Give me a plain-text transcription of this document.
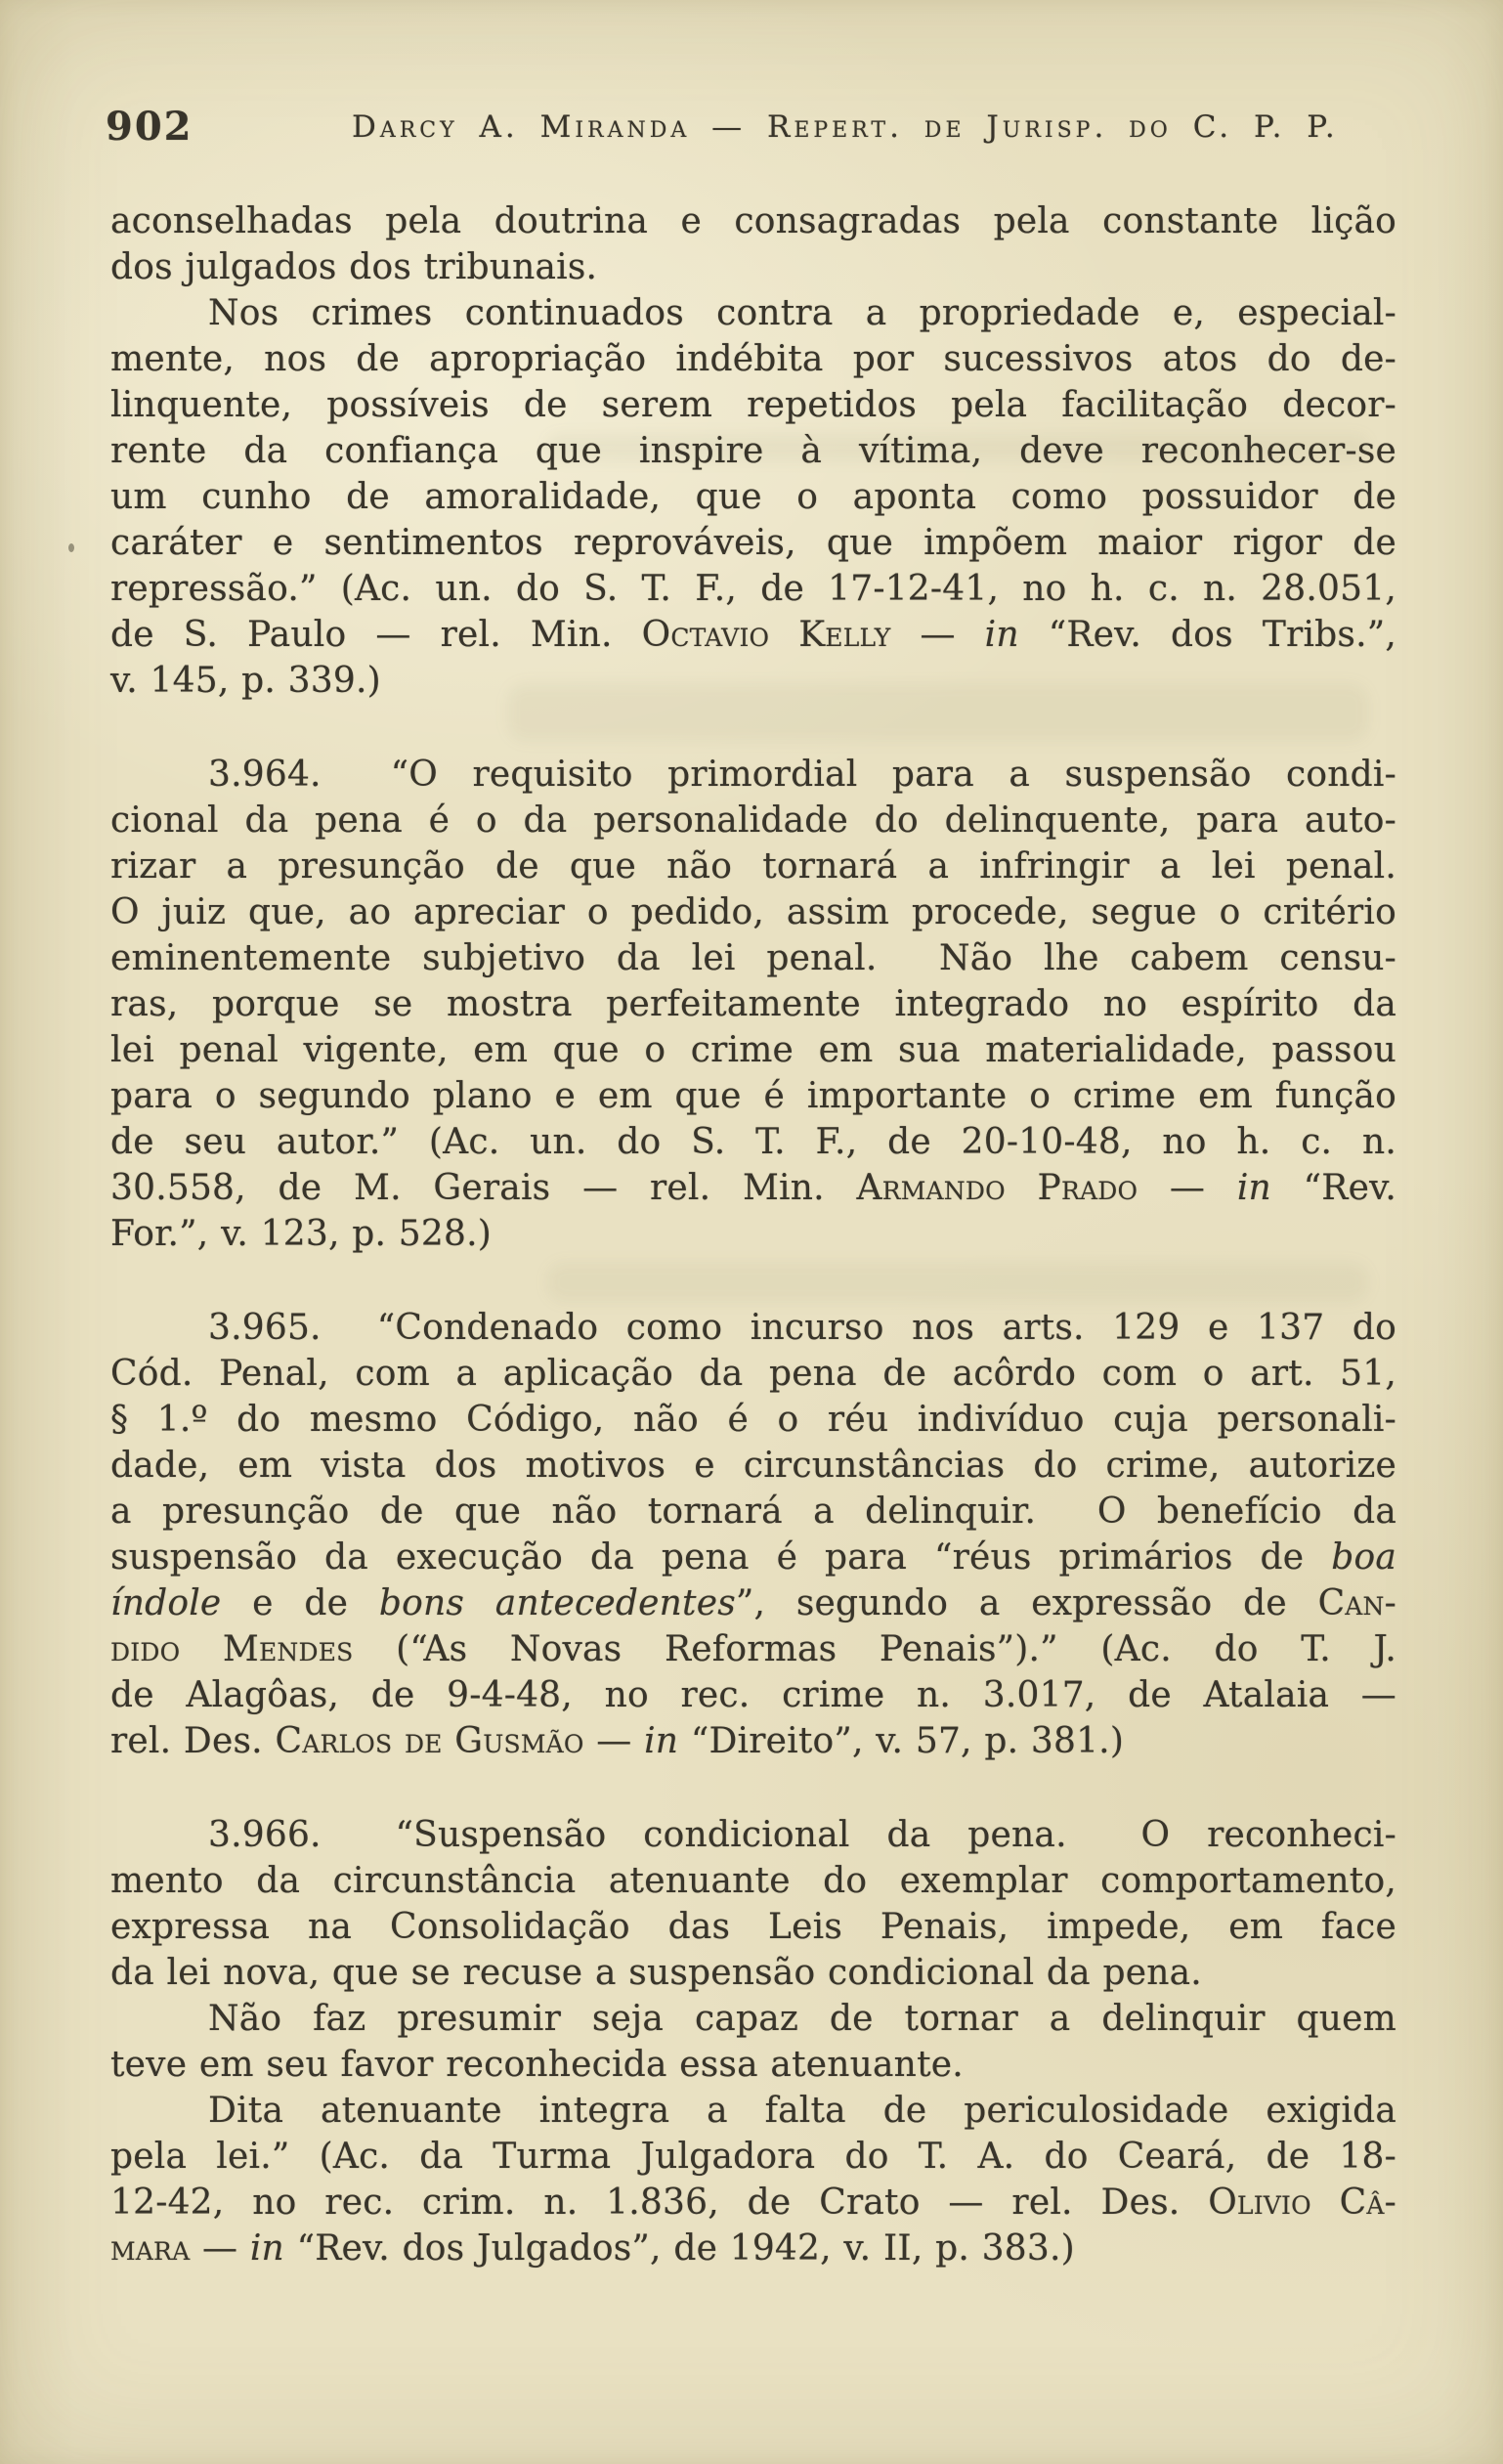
902	Darcy A. Miranda — Repert. de Jurisp. do C. P. P.
aconselhadas pela doutrina e consagradas pela constante lição
dos julgados dos tribunais.
Nos crimes continuados contra a propriedade e, especial-
mente, nos de apropriação indébita por sucessivos atos do de-
linquente, possíveis de serem repetidos pela facilitação decor-
rente da confiança que inspire à vítima, deve reconhecer-se
um cunho de amoralidade, que o aponta como possuidor de
caráter e sentimentos reprováveis, que impõem maior rigor de
repressão.” (Ac. un. do S. T. F., de 17-12-41, no h. c. n. 28.051,
de S. Paulo — rel. Min. Octavio Kelly — in “Rev. dos Tribs.”,
v. 145, p. 339.)
3.964.  “O requisito primordial para a suspensão condi-
cional da pena é o da personalidade do delinquente, para auto-
rizar a presunção de que não tornará a infringir a lei penal.
O juiz que, ao apreciar o pedido, assim procede, segue o critério
eminentemente subjetivo da lei penal.  Não lhe cabem censu-
ras, porque se mostra perfeitamente integrado no espírito da
lei penal vigente, em que o crime em sua materialidade, passou
para o segundo plano e em que é importante o crime em função
de seu autor.” (Ac. un. do S. T. F., de 20-10-48, no h. c. n.
30.558, de M. Gerais — rel. Min. Armando Prado — in “Rev.
For.”, v. 123, p. 528.)
3.965.  “Condenado como incurso nos arts. 129 e 137 do
Cód. Penal, com a aplicação da pena de acôrdo com o art. 51,
§ 1.º do mesmo Código, não é o réu indivíduo cuja personali-
dade, em vista dos motivos e circunstâncias do crime, autorize
a presunção de que não tornará a delinquir.  O benefício da
suspensão da execução da pena é para “réus primários de boa
índole e de bons antecedentes”, segundo a expressão de Can-
dido Mendes (“As Novas Reformas Penais”).” (Ac. do T. J.
de Alagôas, de 9-4-48, no rec. crime n. 3.017, de Atalaia —
rel. Des. Carlos de Gusmão — in “Direito”, v. 57, p. 381.)
3.966.  “Suspensão condicional da pena.  O reconheci-
mento da circunstância atenuante do exemplar comportamento,
expressa na Consolidação das Leis Penais, impede, em face
da lei nova, que se recuse a suspensão condicional da pena.
Não faz presumir seja capaz de tornar a delinquir quem
teve em seu favor reconhecida essa atenuante.
Dita atenuante integra a falta de periculosidade exigida
pela lei.” (Ac. da Turma Julgadora do T. A. do Ceará, de 18-
12-42, no rec. crim. n. 1.836, de Crato — rel. Des. Olivio Câ-
mara — in “Rev. dos Julgados”, de 1942, v. II, p. 383.)
